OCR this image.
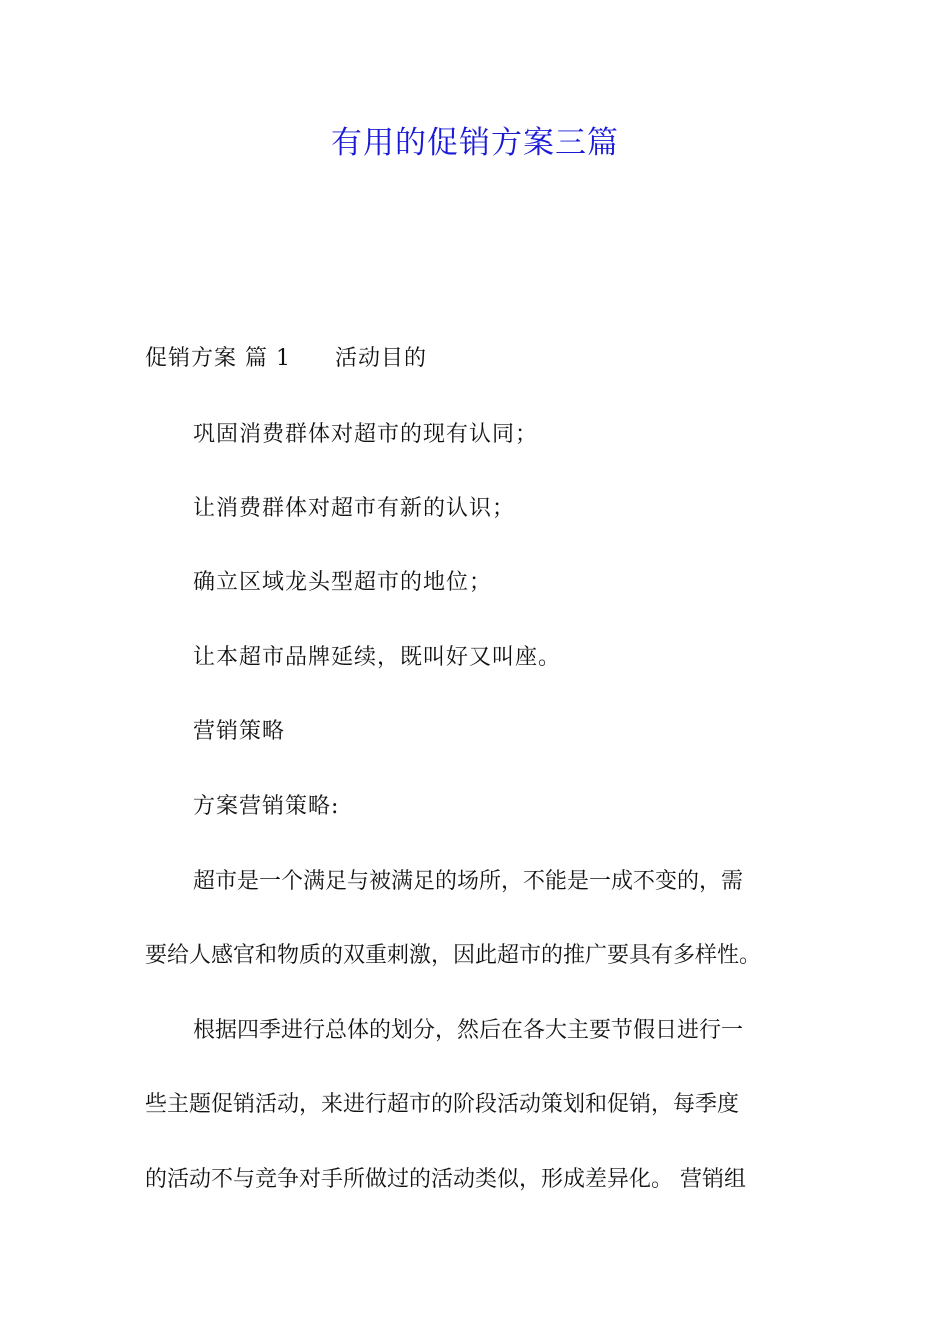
有用的促销方案三篇
促销方案 篇 1 活动目的
巩固消费群体对超市的现有认同；
让消费群体对超市有新的认识；
确立区域龙头型超市的地位；
让本超市品牌延续，既叫好又叫座。
营销策略
方案营销策略:
超市是一个满足与被满足的场所，不能是一成不变的，需
要给人感官和物质的双重刺激，因此超市的推广要具有多样性。
根据四季进行总体的划分，然后在各大主要节假日进行一
些主题促销活动，来进行超市的阶段活动策划和促销，每季度
的活动不与竞争对手所做过的活动类似，形成差异化。 营销组
